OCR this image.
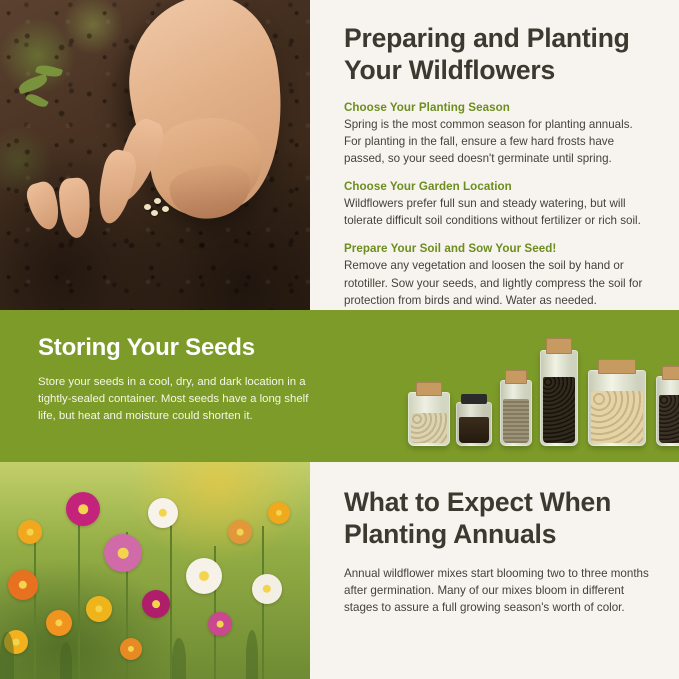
Preparing and Planting Your Wildflowers

Choose Your Planting Season

Spring is the most common season for planting annuals. For planting in the fall, ensure a few hard frosts have passed, so your seed doesn't germinate until spring.

Choose Your Garden Location

Wildflowers prefer full sun and steady watering, but will tolerate difficult soil conditions without fertilizer or rich soil.

Prepare Your Soil and Sow Your Seed!

Remove any vegetation and loosen the soil by hand or rototiller. Sow your seeds, and lightly compress the soil for protection from birds and wind. Water as needed.

Storing Your Seeds

Store your seeds in a cool, dry, and dark location in a tightly-sealed container. Most seeds have a long shelf life, but heat and moisture could shorten it.

What to Expect When Planting Annuals

Annual wildflower mixes start blooming two to three months after germination. Many of our mixes bloom in different stages to assure a full growing season's worth of color.
